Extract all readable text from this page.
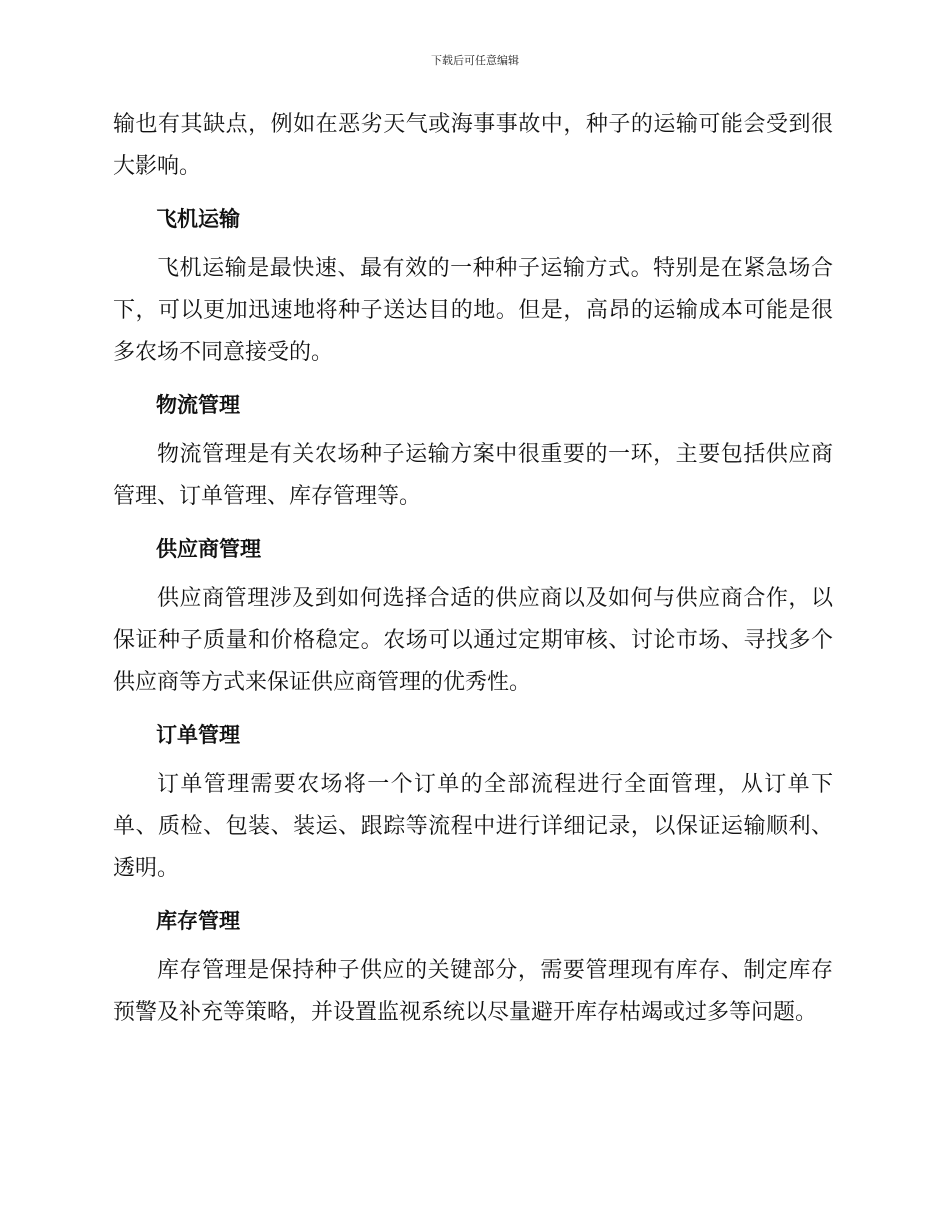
下载后可任意编辑

输也有其缺点，例如在恶劣天气或海事事故中，种子的运输可能会受到很大影响。

飞机运输

飞机运输是最快速、最有效的一种种子运输方式。特别是在紧急场合下，可以更加迅速地将种子送达目的地。但是，高昂的运输成本可能是很多农场不同意接受的。

物流管理

物流管理是有关农场种子运输方案中很重要的一环，主要包括供应商管理、订单管理、库存管理等。

供应商管理

供应商管理涉及到如何选择合适的供应商以及如何与供应商合作，以保证种子质量和价格稳定。农场可以通过定期审核、讨论市场、寻找多个供应商等方式来保证供应商管理的优秀性。

订单管理

订单管理需要农场将一个订单的全部流程进行全面管理，从订单下单、质检、包装、装运、跟踪等流程中进行详细记录，以保证运输顺利、透明。

库存管理

库存管理是保持种子供应的关键部分，需要管理现有库存、制定库存预警及补充等策略，并设置监视系统以尽量避开库存枯竭或过多等问题。
